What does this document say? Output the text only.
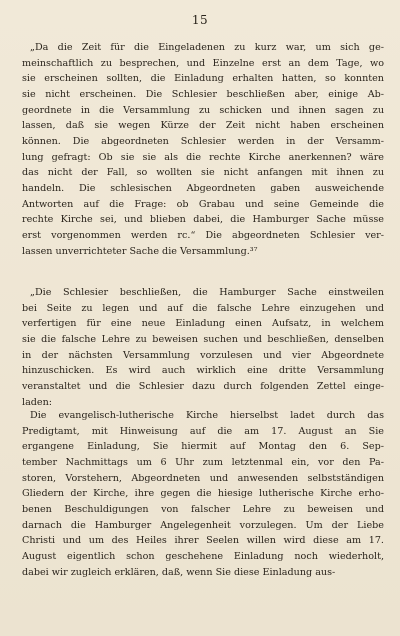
15
„Da die Zeit für die Eingeladenen zu kurz war, um sich ge-
meinschaftlich zu besprechen, und Einzelne erst an dem Tage, wo
sie erscheinen sollten, die Einladung erhalten hatten, so konnten
sie nicht erscheinen. Die Schlesier beschließen aber, einige Ab-
geordnete in die Versammlung zu schicken und ihnen sagen zu
lassen, daß sie wegen Kürze der Zeit nicht haben erscheinen
können. Die abgeordneten Schlesier werden in der Versamm-
lung gefragt: Ob sie sie als die rechte Kirche anerkennen? wäre
das nicht der Fall, so wollten sie nicht anfangen mit ihnen zu
handeln. Die schlesischen Abgeordneten gaben ausweichende
Antworten auf die Frage: ob Grabau und seine Gemeinde die
rechte Kirche sei, und blieben dabei, die Hamburger Sache müsse
erst vorgenommen werden rc.“ Die abgeordneten Schlesier ver-
lassen unverrichteter Sache die Versammlung.³⁷
„Die Schlesier beschließen, die Hamburger Sache einstweilen
bei Seite zu legen und auf die falsche Lehre einzugehen und
verfertigen für eine neue Einladung einen Aufsatz, in welchem
sie die falsche Lehre zu beweisen suchen und beschließen, denselben
in der nächsten Versammlung vorzulesen und vier Abgeordnete
hinzuschicken. Es wird auch wirklich eine dritte Versammlung
veranstaltet und die Schlesier dazu durch folgenden Zettel einge-
laden:
Die evangelisch-lutherische Kirche hierselbst ladet durch das
Predigtamt, mit Hinweisung auf die am 17. August an Sie
ergangene Einladung, Sie hiermit auf Montag den 6. Sep-
tember Nachmittags um 6 Uhr zum letztenmal ein, vor den Pa-
storen, Vorstehern, Abgeordneten und anwesenden selbstständigen
Gliedern der Kirche, ihre gegen die hiesige lutherische Kirche erho-
benen Beschuldigungen von falscher Lehre zu beweisen und
darnach die Hamburger Angelegenheit vorzulegen. Um der Liebe
Christi und um des Heiles ihrer Seelen willen wird diese am 17.
August eigentlich schon geschehene Einladung noch wiederholt,
dabei wir zugleich erklären, daß, wenn Sie diese Einladung aus-
